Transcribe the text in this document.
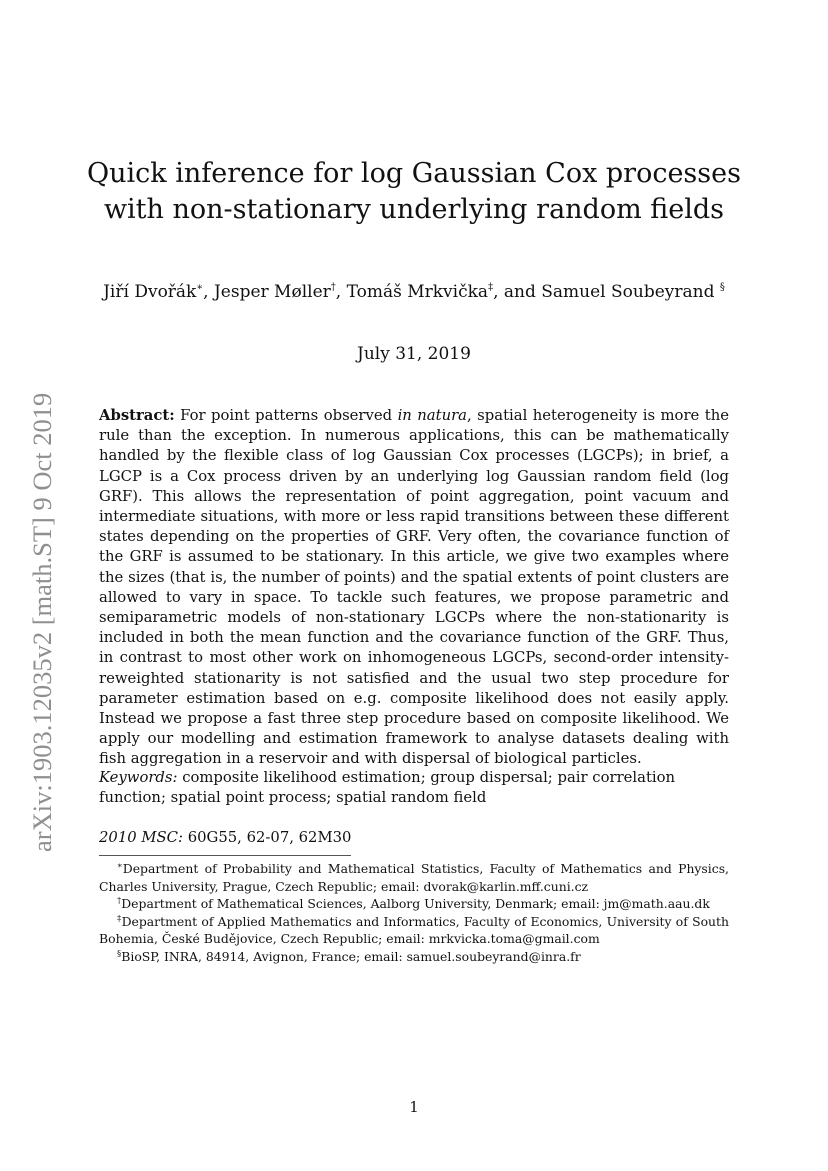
arXiv:1903.12035v2 [math.ST] 9 Oct 2019
Quick inference for log Gaussian Cox processes
with non-stationary underlying random fields
Jiří Dvořák∗, Jesper Møller†, Tomáš Mrkvička‡, and Samuel Soubeyrand §
July 31, 2019
Abstract: For point patterns observed in natura, spatial heterogeneity is more the rule than the exception. In numerous applications, this can be mathematically handled by the flexible class of log Gaussian Cox processes (LGCPs); in brief, a LGCP is a Cox process driven by an underlying log Gaussian random field (log GRF). This allows the representation of point aggregation, point vacuum and intermediate situations, with more or less rapid transitions between these different states depending on the properties of GRF. Very often, the covariance function of the GRF is assumed to be stationary. In this article, we give two examples where the sizes (that is, the number of points) and the spatial extents of point clusters are allowed to vary in space. To tackle such features, we propose parametric and semiparametric models of non-stationary LGCPs where the non-stationarity is included in both the mean function and the covariance function of the GRF. Thus, in contrast to most other work on inhomogeneous LGCPs, second-order intensity-reweighted stationarity is not satisfied and the usual two step procedure for parameter estimation based on e.g. composite likelihood does not easily apply. Instead we propose a fast three step procedure based on composite likelihood. We apply our modelling and estimation framework to analyse datasets dealing with fish aggregation in a reservoir and with dispersal of biological particles.
Keywords: composite likelihood estimation; group dispersal; pair correlation function; spatial point process; spatial random field
2010 MSC: 60G55, 62-07, 62M30

∗Department of Probability and Mathematical Statistics, Faculty of Mathematics and Physics, Charles University, Prague, Czech Republic; email: dvorak@karlin.mff.cuni.cz

†Department of Mathematical Sciences, Aalborg University, Denmark; email: jm@math.aau.dk

‡Department of Applied Mathematics and Informatics, Faculty of Economics, University of South Bohemia, České Budějovice, Czech Republic; email: mrkvicka.toma@gmail.com

§BioSP, INRA, 84914, Avignon, France; email: samuel.soubeyrand@inra.fr

1
